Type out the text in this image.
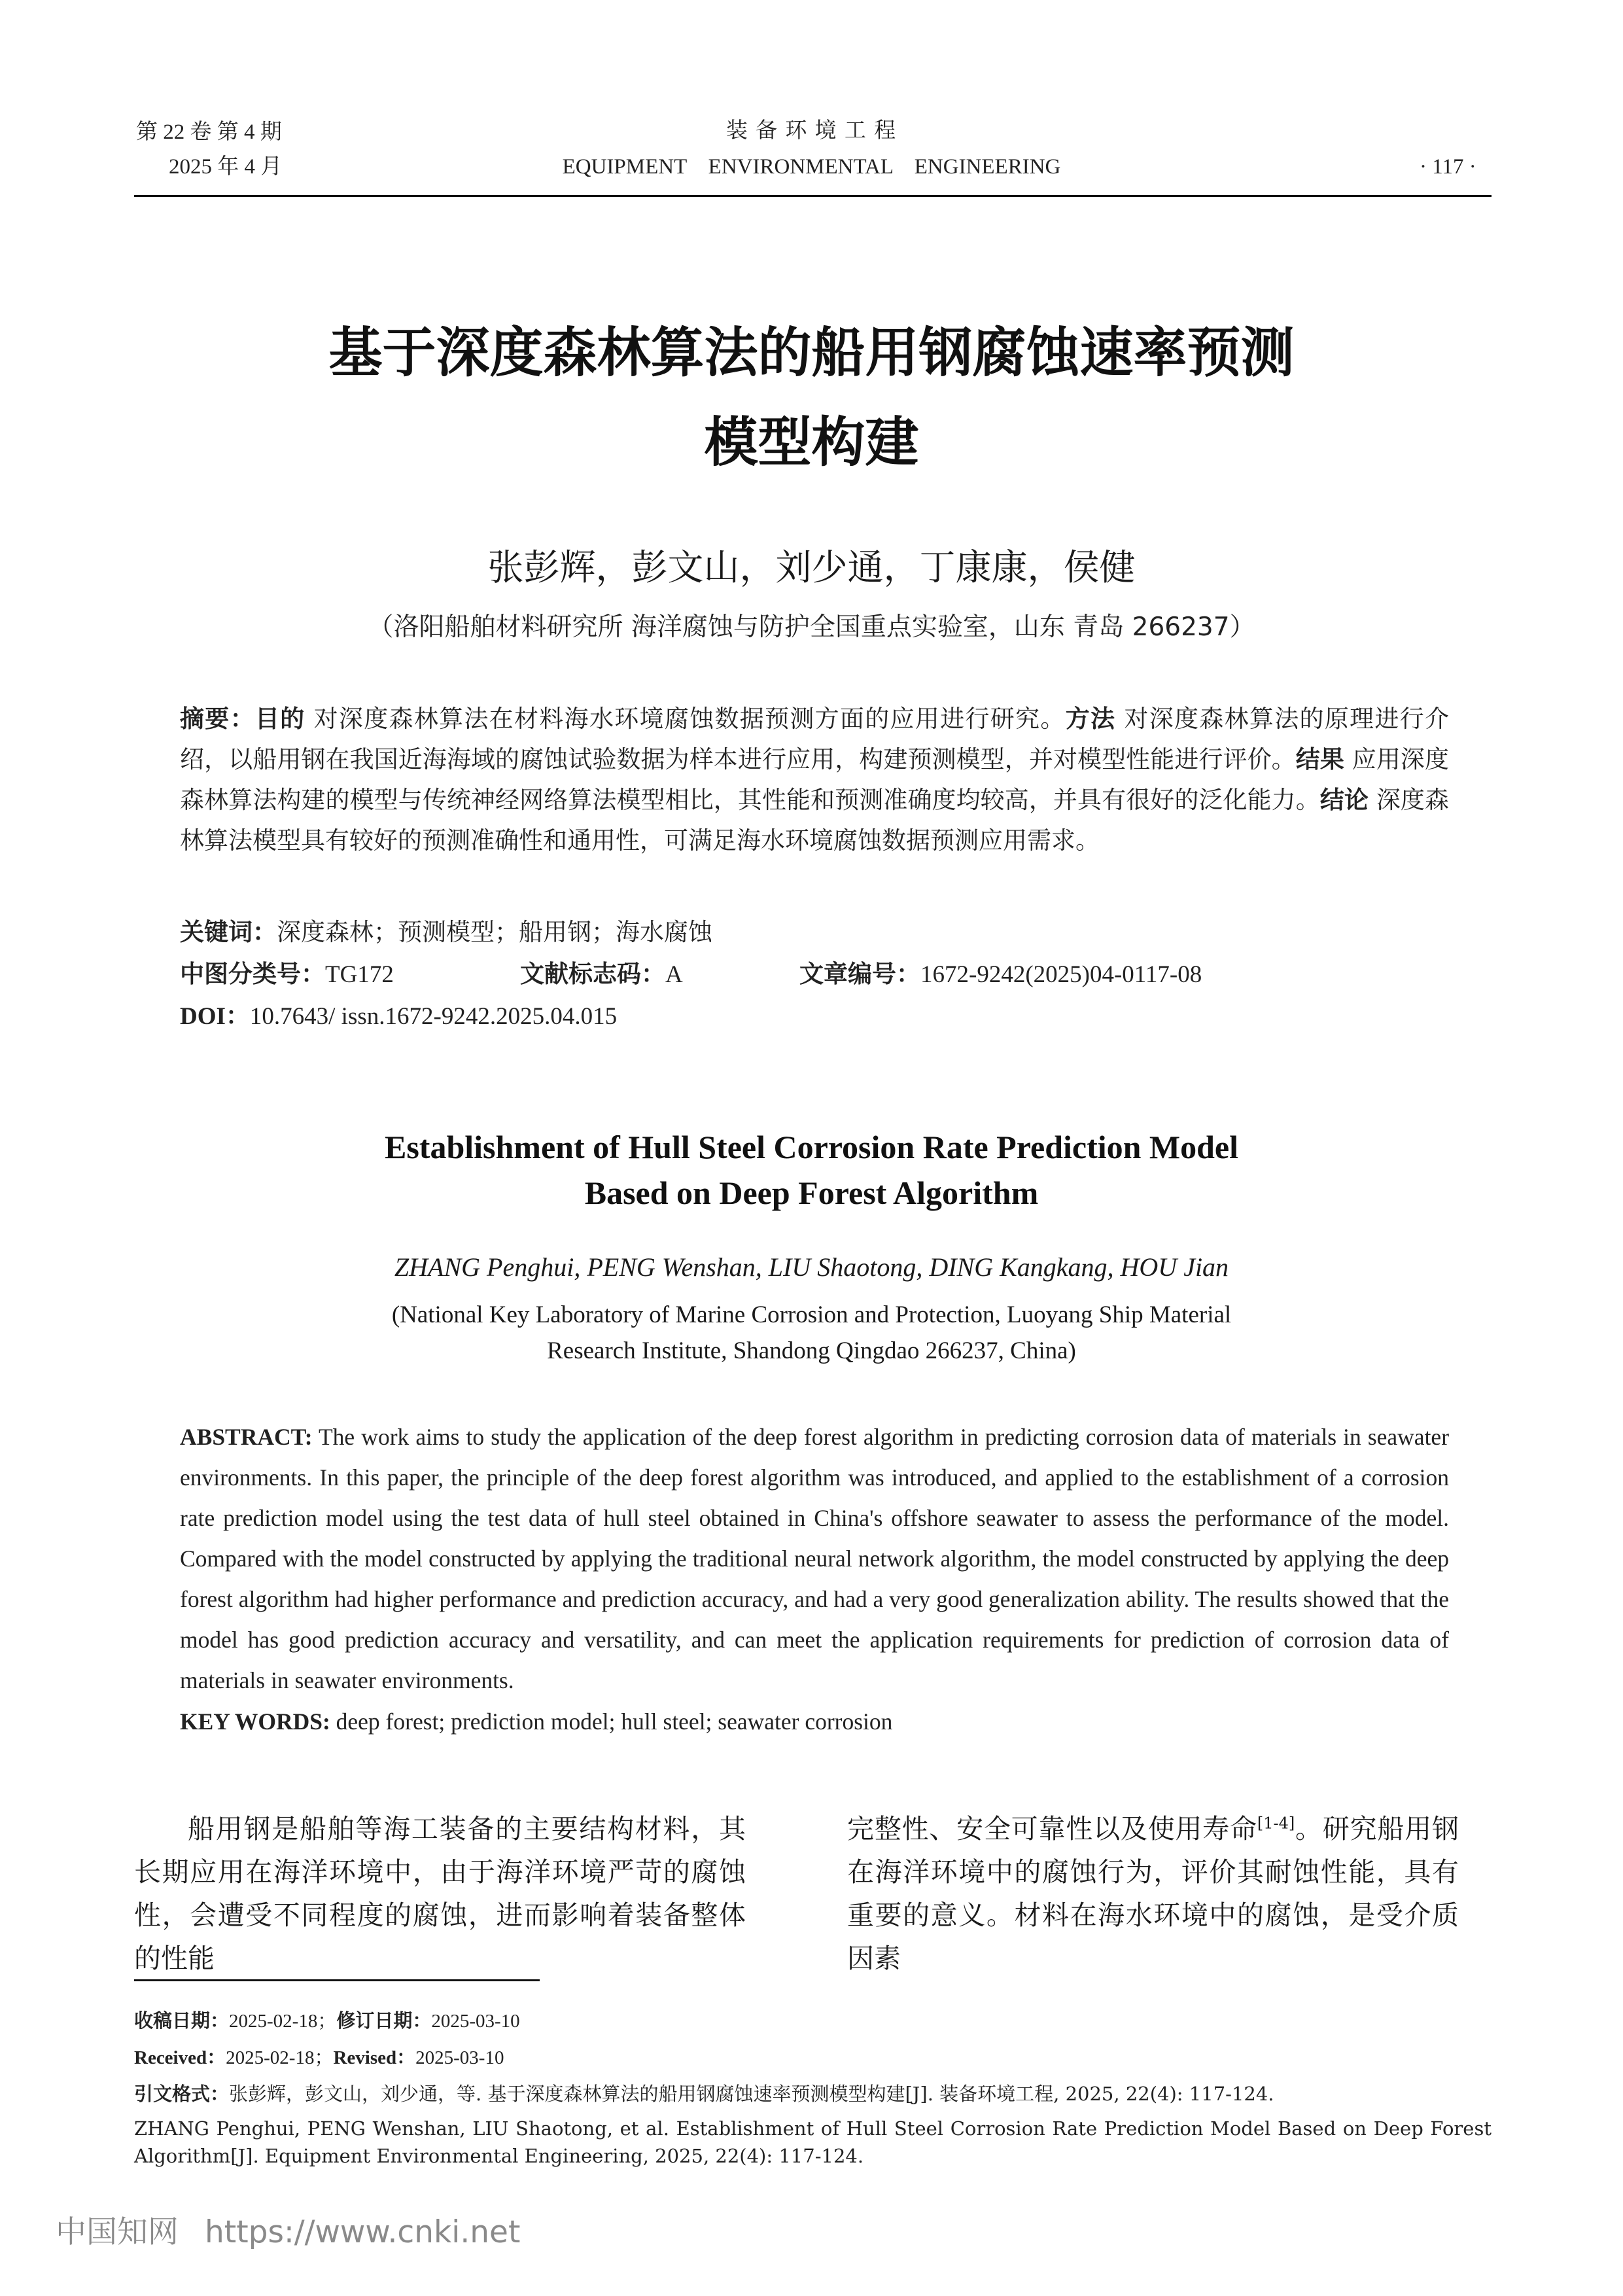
第 22 卷 第 4 期
2025 年 4 月
装 备 环 境 工 程
EQUIPMENT    ENVIRONMENTAL    ENGINEERING	· 117 ·
基于深度森林算法的船用钢腐蚀速率预测
模型构建
张彭辉，彭文山，刘少通，丁康康，侯健
（洛阳船舶材料研究所 海洋腐蚀与防护全国重点实验室，山东 青岛 266237）
摘要：目的 对深度森林算法在材料海水环境腐蚀数据预测方面的应用进行研究。方法 对深度森林算法的原理进行介绍，以船用钢在我国近海海域的腐蚀试验数据为样本进行应用，构建预测模型，并对模型性能进行评价。结果 应用深度森林算法构建的模型与传统神经网络算法模型相比，其性能和预测准确度均较高，并具有很好的泛化能力。结论 深度森林算法模型具有较好的预测准确性和通用性，可满足海水环境腐蚀数据预测应用需求。
关键词：深度森林；预测模型；船用钢；海水腐蚀
中图分类号：TG172	文献标志码：A	文章编号：1672-9242(2025)04-0117-08
DOI：10.7643/ issn.1672-9242.2025.04.015
Establishment of Hull Steel Corrosion Rate Prediction Model
Based on Deep Forest Algorithm
ZHANG Penghui, PENG Wenshan, LIU Shaotong, DING Kangkang, HOU Jian
(National Key Laboratory of Marine Corrosion and Protection, Luoyang Ship Material
Research Institute, Shandong Qingdao 266237, China)
ABSTRACT: The work aims to study the application of the deep forest algorithm in predicting corrosion data of materials in seawater environments. In this paper, the principle of the deep forest algorithm was introduced, and applied to the establishment of a corrosion rate prediction model using the test data of hull steel obtained in China's offshore seawater to assess the performance of the model. Compared with the model constructed by applying the traditional neural network algorithm, the model constructed by applying the deep forest algorithm had higher performance and prediction accuracy, and had a very good generalization ability. The results showed that the model has good prediction accuracy and versatility, and can meet the application requirements for prediction of corrosion data of materials in seawater environments.
KEY WORDS: deep forest; prediction model; hull steel; seawater corrosion
船用钢是船舶等海工装备的主要结构材料，其长期应用在海洋环境中，由于海洋环境严苛的腐蚀性，会遭受不同程度的腐蚀，进而影响着装备整体的性能
完整性、安全可靠性以及使用寿命[1-4]。研究船用钢在海洋环境中的腐蚀行为，评价其耐蚀性能，具有重要的意义。材料在海水环境中的腐蚀，是受介质因素
收稿日期：2025-02-18；修订日期：2025-03-10
Received：2025-02-18；Revised：2025-03-10
引文格式：张彭辉，彭文山，刘少通，等. 基于深度森林算法的船用钢腐蚀速率预测模型构建[J]. 装备环境工程, 2025, 22(4): 117-124.
ZHANG Penghui, PENG Wenshan, LIU Shaotong, et al. Establishment of Hull Steel Corrosion Rate Prediction Model Based on Deep Forest Algorithm[J]. Equipment Environmental Engineering, 2025, 22(4): 117-124.
中国知网 https://www.cnki.net
